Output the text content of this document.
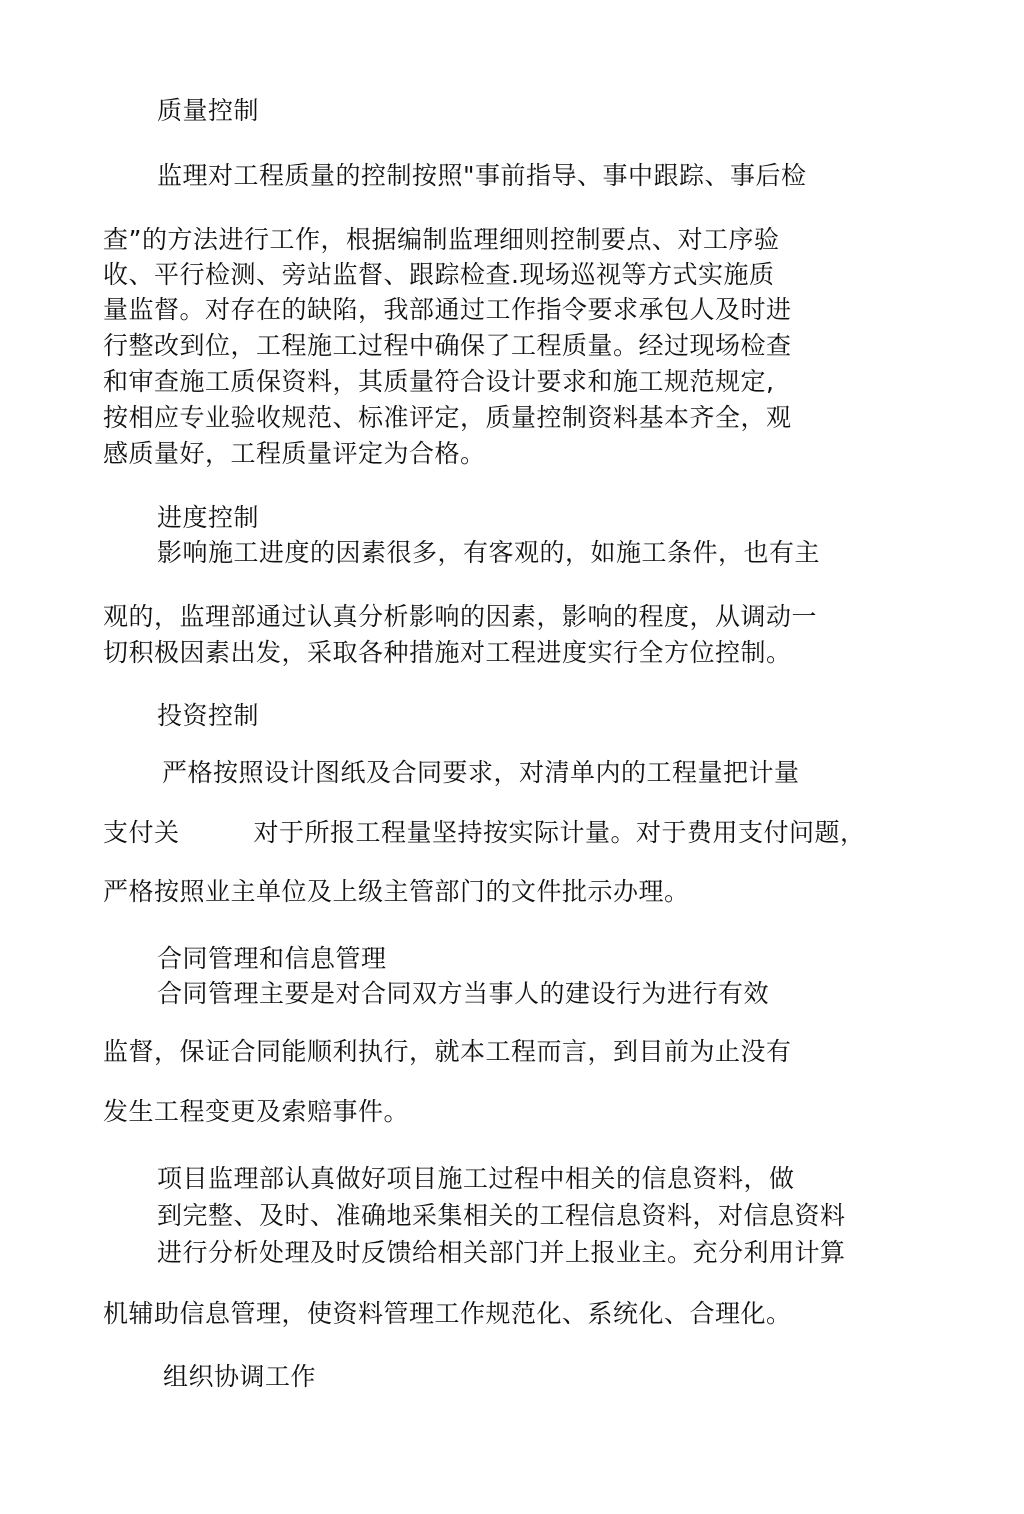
质量控制
监理对工程质量的控制按照"事前指导、事中跟踪、事后检
查”的方法进行工作，根据编制监理细则控制要点、对工序验
收、平行检测、旁站监督、跟踪检查.现场巡视等方式实施质
量监督。对存在的缺陷，我部通过工作指令要求承包人及时进
行整改到位，工程施工过程中确保了工程质量。经过现场检查
和审查施工质保资料，其质量符合设计要求和施工规范规定,
按相应专业验收规范、标准评定，质量控制资料基本齐全，观
感质量好，工程质量评定为合格。
进度控制
影响施工进度的因素很多，有客观的，如施工条件，也有主
观的，监理部通过认真分析影响的因素，影响的程度，从调动一
切积极因素出发，采取各种措施对工程进度实行全方位控制。
投资控制
严格按照设计图纸及合同要求，对清单内的工程量把计量
支付关	对于所报工程量坚持按实际计量。对于费用支付问题，
严格按照业主单位及上级主管部门的文件批示办理。
合同管理和信息管理
合同管理主要是对合同双方当事人的建设行为进行有效
监督，保证合同能顺利执行，就本工程而言，到目前为止没有
发生工程变更及索赔事件。
项目监理部认真做好项目施工过程中相关的信息资料，做
到完整、及时、准确地采集相关的工程信息资料，对信息资料
进行分析处理及时反馈给相关部门并上报业主。充分利用计算
机辅助信息管理，使资料管理工作规范化、系统化、合理化。
组织协调工作
